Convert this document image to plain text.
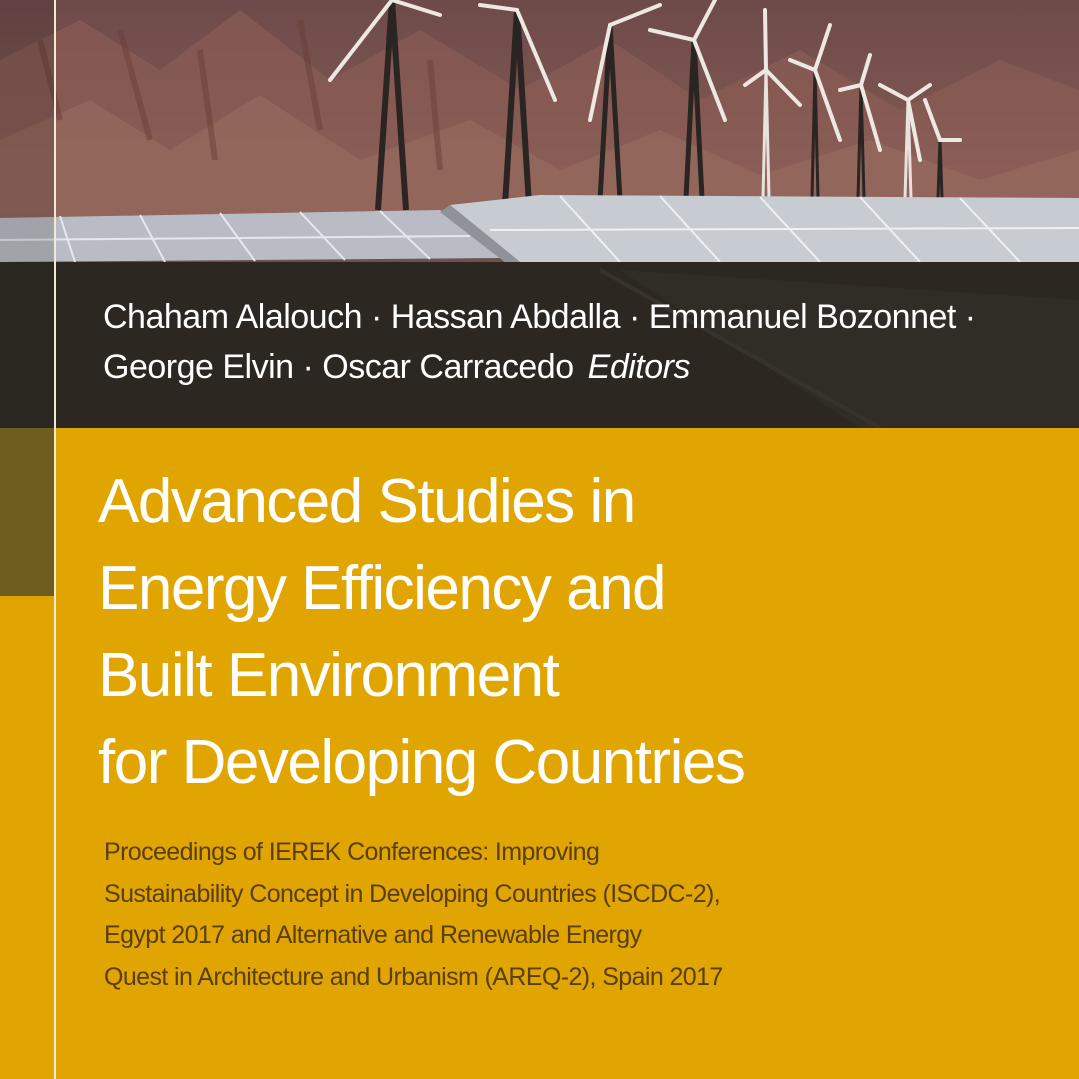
Chaham Alalouch · Hassan Abdalla · Emmanuel Bozonnet ·
George Elvin · Oscar Carracedo Editors

Advanced Studies in
Energy Efficiency and
Built Environment
for Developing Countries

Proceedings of IEREK Conferences: Improving
Sustainability Concept in Developing Countries (ISCDC-2),
Egypt 2017 and Alternative and Renewable Energy
Quest in Architecture and Urbanism (AREQ-2), Spain 2017
